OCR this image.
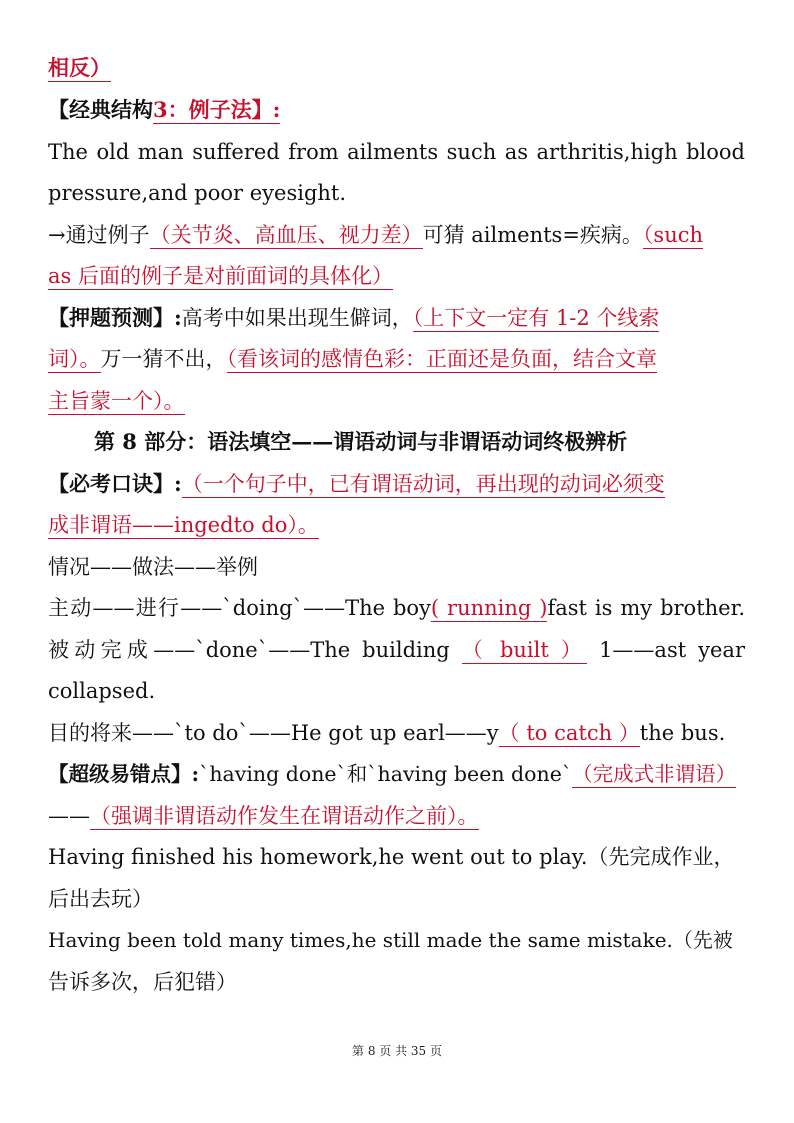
相反）
【经典结构3：例子法】:
The old man suffered from ailments such as arthritis,high blood
pressure,and poor eyesight.
→通过例子（关节炎、高血压、视力差）可猜 ailments=疾病。（such
as 后面的例子是对前面词的具体化）
【押题预测】:高考中如果出现生僻词，（上下文一定有 1-2 个线索
词）。万一猜不出，（看该词的感情色彩：正面还是负面，结合文章
主旨蒙一个）。
第 8 部分：语法填空——谓语动词与非谓语动词终极辨析
【必考口诀】:（一个句子中，已有谓语动词，再出现的动词必须变
成非谓语——ingedto do）。
情况——做法——举例
主动——进行——`doing`——The boy( running )fast is my brother.
被动完成——`done`——The building （ built ） 1——ast year
collapsed.
目的将来——`to do`——He got up earl——y（ to catch ）the bus.
【超级易错点】:`having done`和`having been done`（完成式非谓语）
——（强调非谓语动作发生在谓语动作之前）。
Having finished his homework,he went out to play.（先完成作业，
后出去玩）
Having been told many times,he still made the same mistake.（先被
告诉多次，后犯错）
第 8 页 共 35 页
